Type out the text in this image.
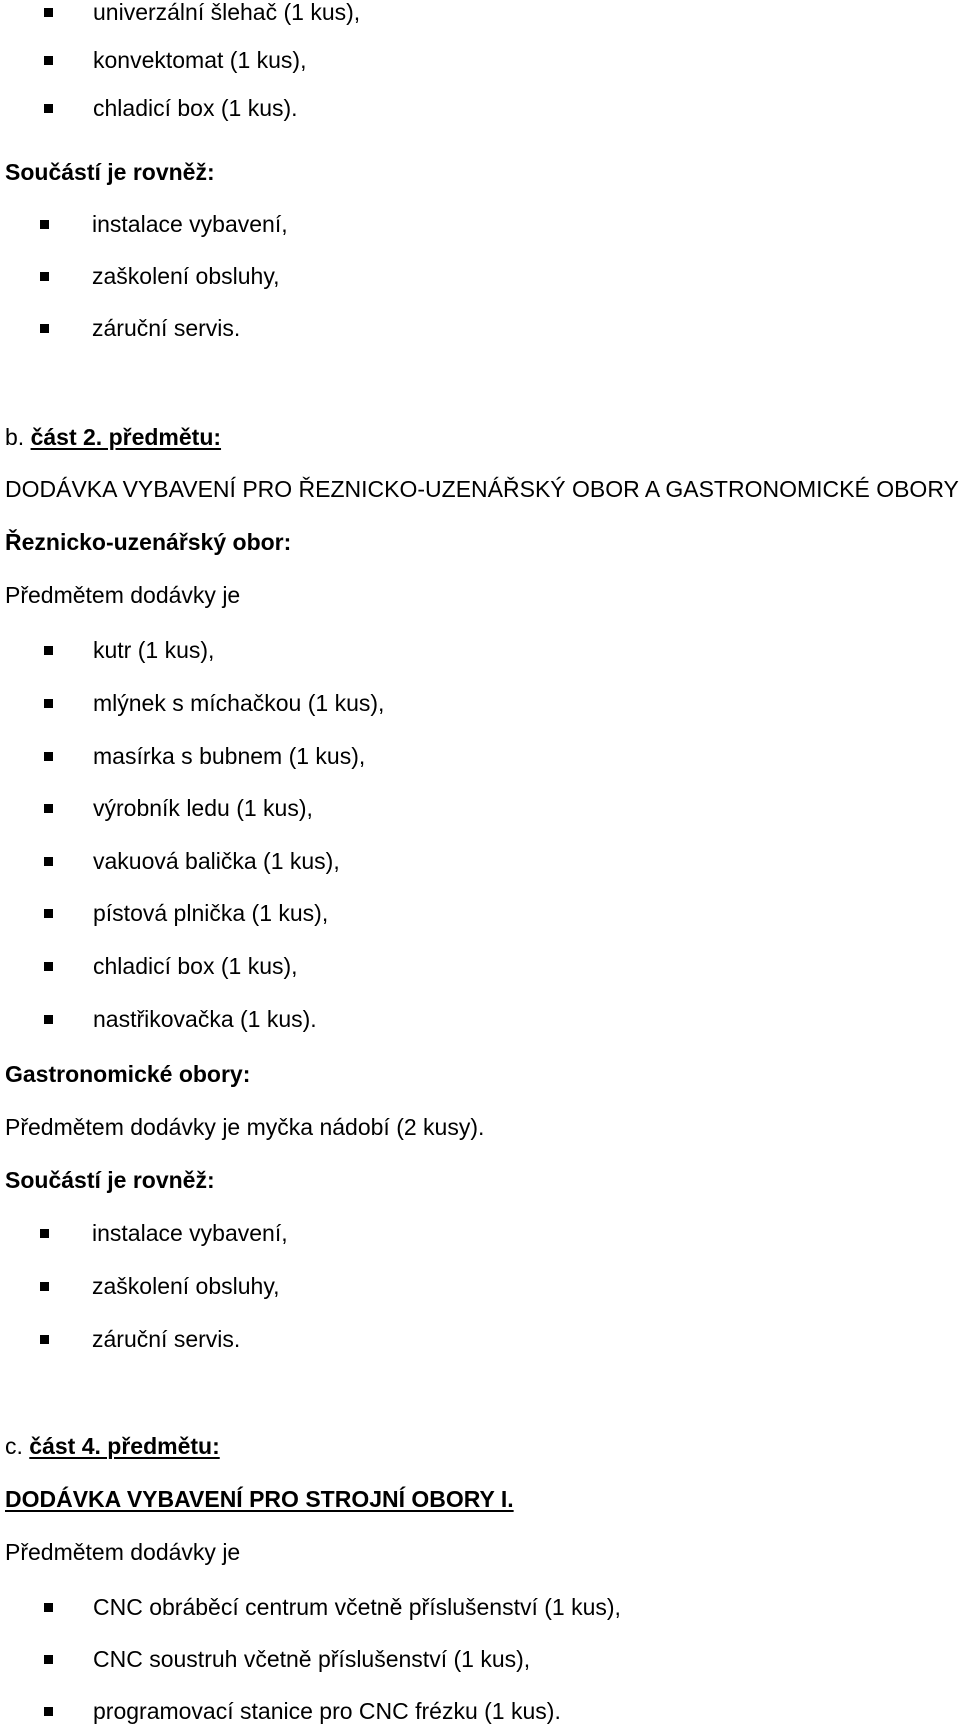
univerzální šlehač (1 kus),
konvektomat (1 kus),
chladicí box (1 kus).
Součástí je rovněž:
instalace vybavení,
zaškolení obsluhy,
záruční servis.
b. část 2. předmětu:
DODÁVKA VYBAVENÍ PRO ŘEZNICKO-UZENÁŘSKÝ OBOR A GASTRONOMICKÉ OBORY
Řeznicko-uzenářský obor:
Předmětem dodávky je
kutr (1 kus),
mlýnek s míchačkou (1 kus),
masírka s bubnem (1 kus),
výrobník ledu (1 kus),
vakuová balička (1 kus),
pístová plnička (1 kus),
chladicí box (1 kus),
nastřikovačka (1 kus).
Gastronomické obory:
Předmětem dodávky je myčka nádobí (2 kusy).
Součástí je rovněž:
instalace vybavení,
zaškolení obsluhy,
záruční servis.
c. část 4. předmětu:
DODÁVKA VYBAVENÍ PRO STROJNÍ OBORY I.
Předmětem dodávky je
CNC obráběcí centrum včetně příslušenství (1 kus),
CNC soustruh včetně příslušenství (1 kus),
programovací stanice pro CNC frézku (1 kus).
